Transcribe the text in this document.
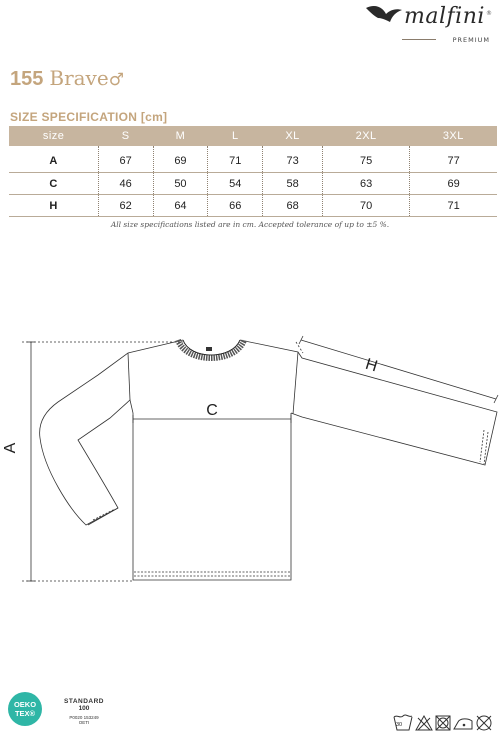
malfini ®
PREMIUM
155 Brave♂
SIZE SPECIFICATION [cm]
size	S	M	L	XL	2XL	3XL
A	67	69	71	73	75	77
C	46	50	54	58	63	69
H	62	64	66	68	70	71
All size specifications listed are in cm. Accepted tolerance of up to ±5 %.
A
C
H
OEKO
TEX®
STANDARD
100
P0020 153249
OETI	30
